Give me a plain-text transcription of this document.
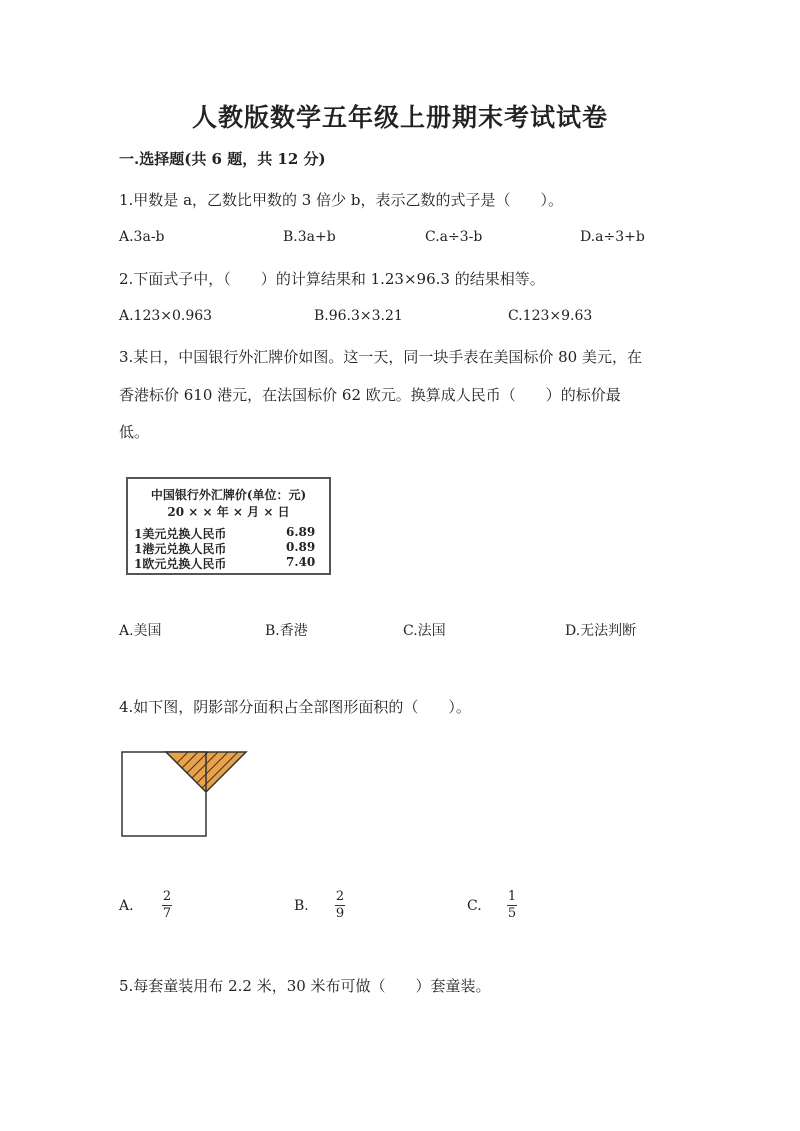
人教版数学五年级上册期末考试试卷
一.选择题(共 6 题，共 12 分)
1.甲数是 a，乙数比甲数的 3 倍少 b，表示乙数的式子是（　　）。
A.3a-b	B.3a+b	C.a÷3-b	D.a÷3+b
2.下面式子中，（　　）的计算结果和 1.23×96.3 的结果相等。
A.123×0.963	B.96.3×3.21	C.123×9.63
3.某日，中国银行外汇牌价如图。这一天，同一块手表在美国标价 80 美元，在
香港标价 610 港元，在法国标价 62 欧元。换算成人民币（　　）的标价最
低。
中国银行外汇牌价(单位：元)
20 × × 年 × 月 × 日
1美元兑换人民币	6.89
1港元兑换人民币	0.89
1欧元兑换人民币	7.40
A.美国	B.香港	C.法国	D.无法判断
4.如下图，阴影部分面积占全部图形面积的（　　）。
A.
2
7	B.
2
9	C.
1
5
5.每套童装用布 2.2 米，30 米布可做（　　）套童装。
